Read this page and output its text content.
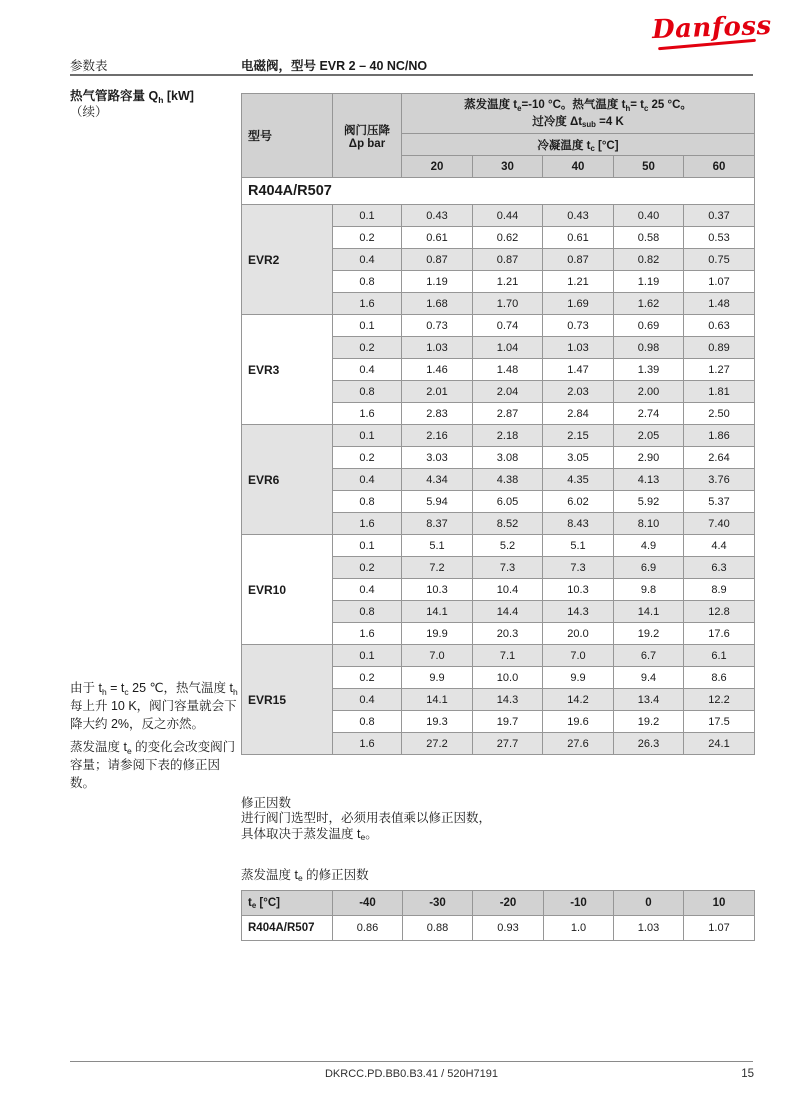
Danfoss
参数表	电磁阀，型号 EVR 2 – 40 NC/NO
热气管路容量 $Q_h$ [kW]
（续）

由于 $t_h = t_c$ 25 ℃，热气温度 $t_h$ 每上升 10 K，阀门容量就会下降大约 2%，反之亦然。

蒸发温度 $t_e$ 的变化会改变阀门容量；请参阅下表的修正因数。

型号	阀门压降
Δp bar

蒸发温度 $t_e=-10$ °C。热气温度 $t_h= t_c$ 25 °C。
过冷度 $\Delta t_{sub} =4$ K

		冷凝温度 $t_c$ [°C]				
		20	30	40	50	60
R404A/R507						
EVR2	0.1	0.43	0.44	0.43	0.40	0.37
	0.2	0.61	0.62	0.61	0.58	0.53
	0.4	0.87	0.87	0.87	0.82	0.75
	0.8	1.19	1.21	1.21	1.19	1.07
	1.6	1.68	1.70	1.69	1.62	1.48
EVR3	0.1	0.73	0.74	0.73	0.69	0.63
	0.2	1.03	1.04	1.03	0.98	0.89
	0.4	1.46	1.48	1.47	1.39	1.27
	0.8	2.01	2.04	2.03	2.00	1.81
	1.6	2.83	2.87	2.84	2.74	2.50
EVR6	0.1	2.16	2.18	2.15	2.05	1.86
	0.2	3.03	3.08	3.05	2.90	2.64
	0.4	4.34	4.38	4.35	4.13	3.76
	0.8	5.94	6.05	6.02	5.92	5.37
	1.6	8.37	8.52	8.43	8.10	7.40
EVR10	0.1	5.1	5.2	5.1	4.9	4.4
	0.2	7.2	7.3	7.3	6.9	6.3
	0.4	10.3	10.4	10.3	9.8	8.9
	0.8	14.1	14.4	14.3	14.1	12.8
	1.6	19.9	20.3	20.0	19.2	17.6
EVR15	0.1	7.0	7.1	7.0	6.7	6.1
	0.2	9.9	10.0	9.9	9.4	8.6
	0.4	14.1	14.3	14.2	13.4	12.2
	0.8	19.3	19.7	19.6	19.2	17.5
	1.6	27.2	27.7	27.6	26.3	24.1
修正因数
进行阀门选型时，必须用表值乘以修正因数，
具体取决于蒸发温度 $t_e$。
蒸发温度 $t_e$ 的修正因数
$t_e$ [°C]	-40	-30	-20	-10	0	10
R404A/R507	0.86	0.88	0.93	1.0	1.03	1.07
DKRCC.PD.BB0.B3.41 / 520H7191	15
